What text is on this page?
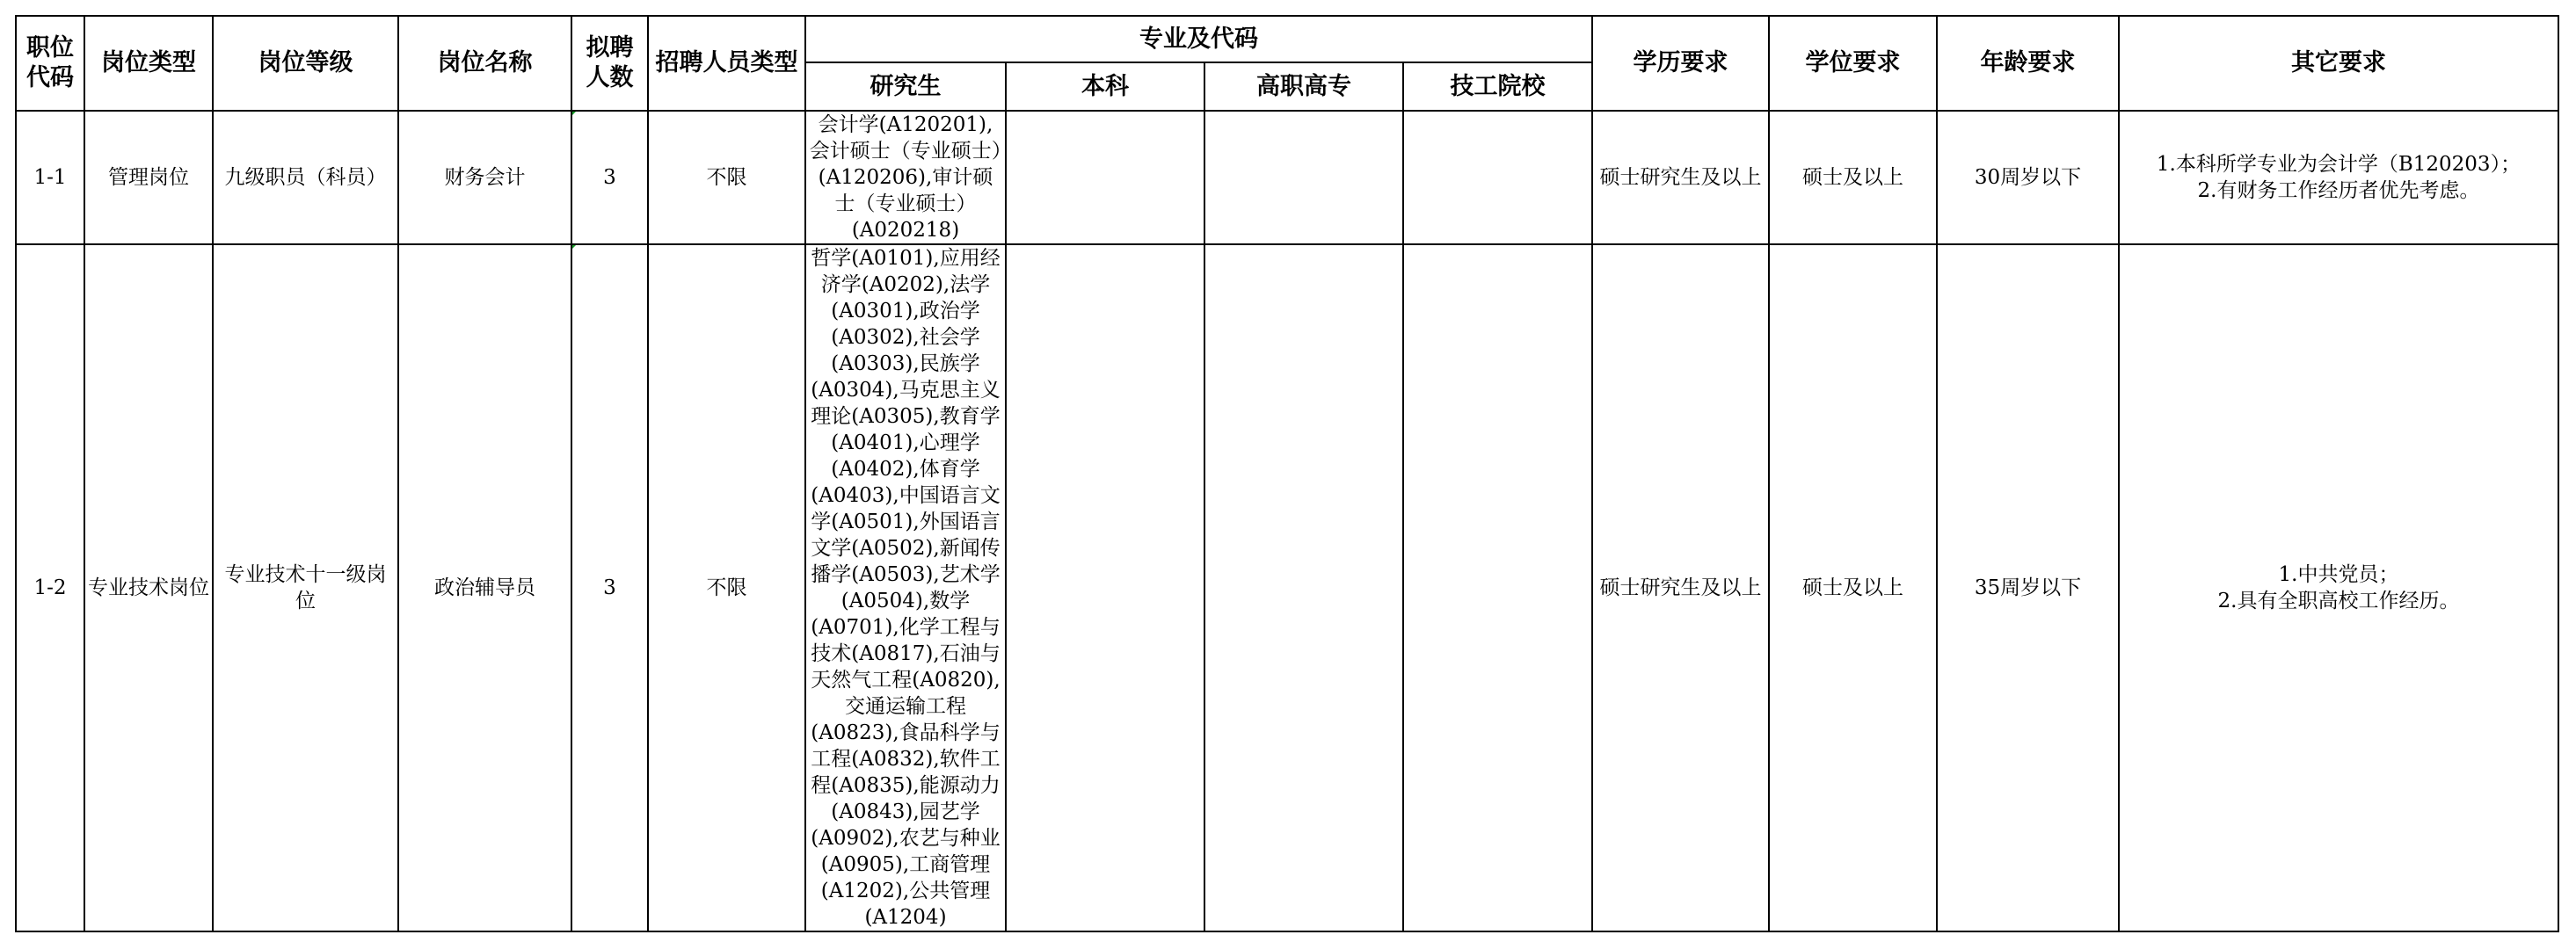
职位代码	岗位类型	岗位等级	岗位名称	拟聘人数	招聘人员类型	专业及代码				学历要求	学位要求	年龄要求	其它要求
						研究生	本科	高职高专	技工院校				
1-1	管理岗位	九级职员（科员）	财务会计	3	不限	会计学(A120201),会计硕士（专业硕士）(A120206),审计硕士（专业硕士）(A020218)				硕士研究生及以上	硕士及以上	30周岁以下	1.本科所学专业为会计学（B120203）；
2.有财务工作经历者优先考虑。
1-2	专业技术岗位	专业技术十一级岗位	政治辅导员	3	不限	哲学(A0101),应用经济学(A0202),法学(A0301),政治学(A0302),社会学(A0303),民族学(A0304),马克思主义理论(A0305),教育学(A0401),心理学(A0402),体育学(A0403),中国语言文学(A0501),外国语言文学(A0502),新闻传播学(A0503),艺术学(A0504),数学(A0701),化学工程与技术(A0817),石油与天然气工程(A0820),交通运输工程(A0823),食品科学与工程(A0832),软件工程(A0835),能源动力(A0843),园艺学(A0902),农艺与种业(A0905),工商管理(A1202),公共管理(A1204)				硕士研究生及以上	硕士及以上	35周岁以下	1.中共党员；
2.具有全职高校工作经历。
